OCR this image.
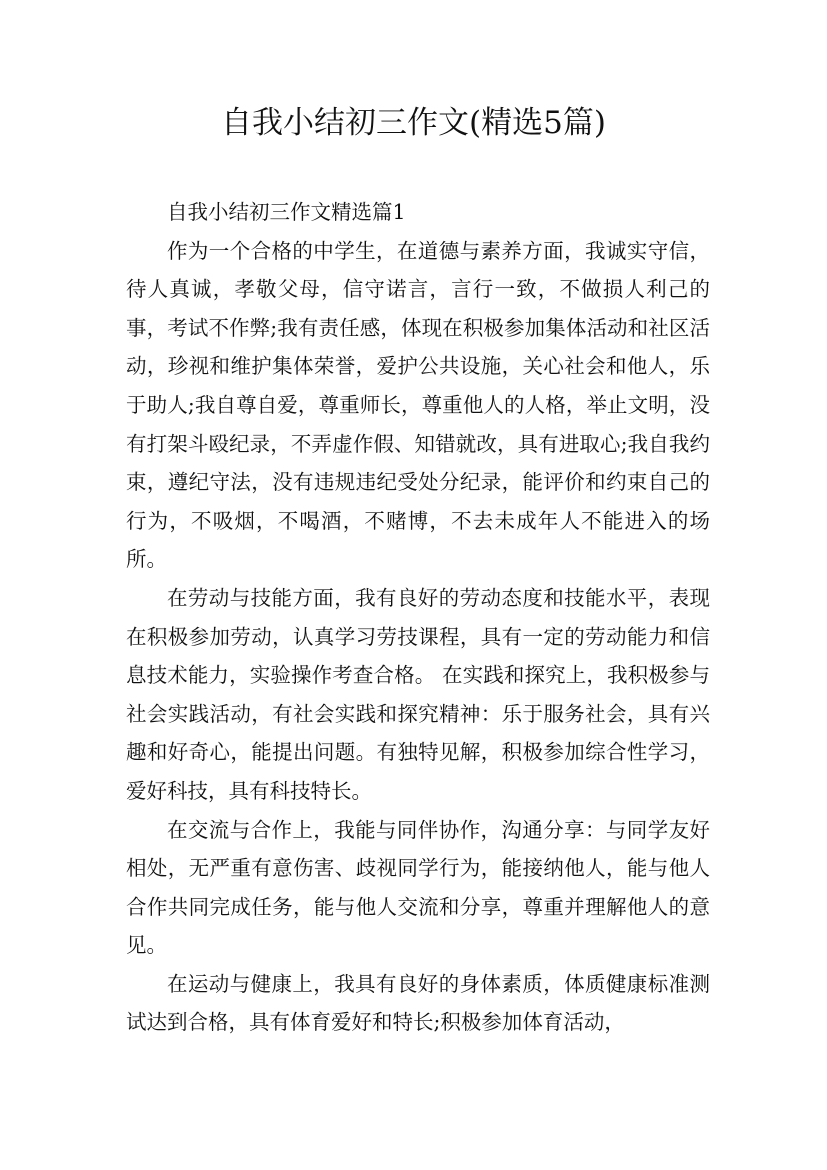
自我小结初三作文(精选5篇)

自我小结初三作文精选篇1

作为一个合格的中学生，在道德与素养方面，我诚实守信，待人真诚，孝敬父母，信守诺言，言行一致，不做损人利己的事，考试不作弊;我有责任感，体现在积极参加集体活动和社区活动，珍视和维护集体荣誉，爱护公共设施，关心社会和他人，乐于助人;我自尊自爱，尊重师长，尊重他人的人格，举止文明，没有打架斗殴纪录，不弄虚作假、知错就改，具有进取心;我自我约束，遵纪守法，没有违规违纪受处分纪录，能评价和约束自己的行为，不吸烟，不喝酒，不赌博，不去未成年人不能进入的场所。

在劳动与技能方面，我有良好的劳动态度和技能水平，表现在积极参加劳动，认真学习劳技课程，具有一定的劳动能力和信息技术能力，实验操作考查合格。 在实践和探究上，我积极参与社会实践活动，有社会实践和探究精神：乐于服务社会，具有兴趣和好奇心，能提出问题。有独特见解，积极参加综合性学习，爱好科技，具有科技特长。

在交流与合作上，我能与同伴协作，沟通分享：与同学友好相处，无严重有意伤害、歧视同学行为，能接纳他人，能与他人合作共同完成任务，能与他人交流和分享，尊重并理解他人的意见。

在运动与健康上，我具有良好的身体素质，体质健康标准测试达到合格，具有体育爱好和特长;积极参加体育活动，
